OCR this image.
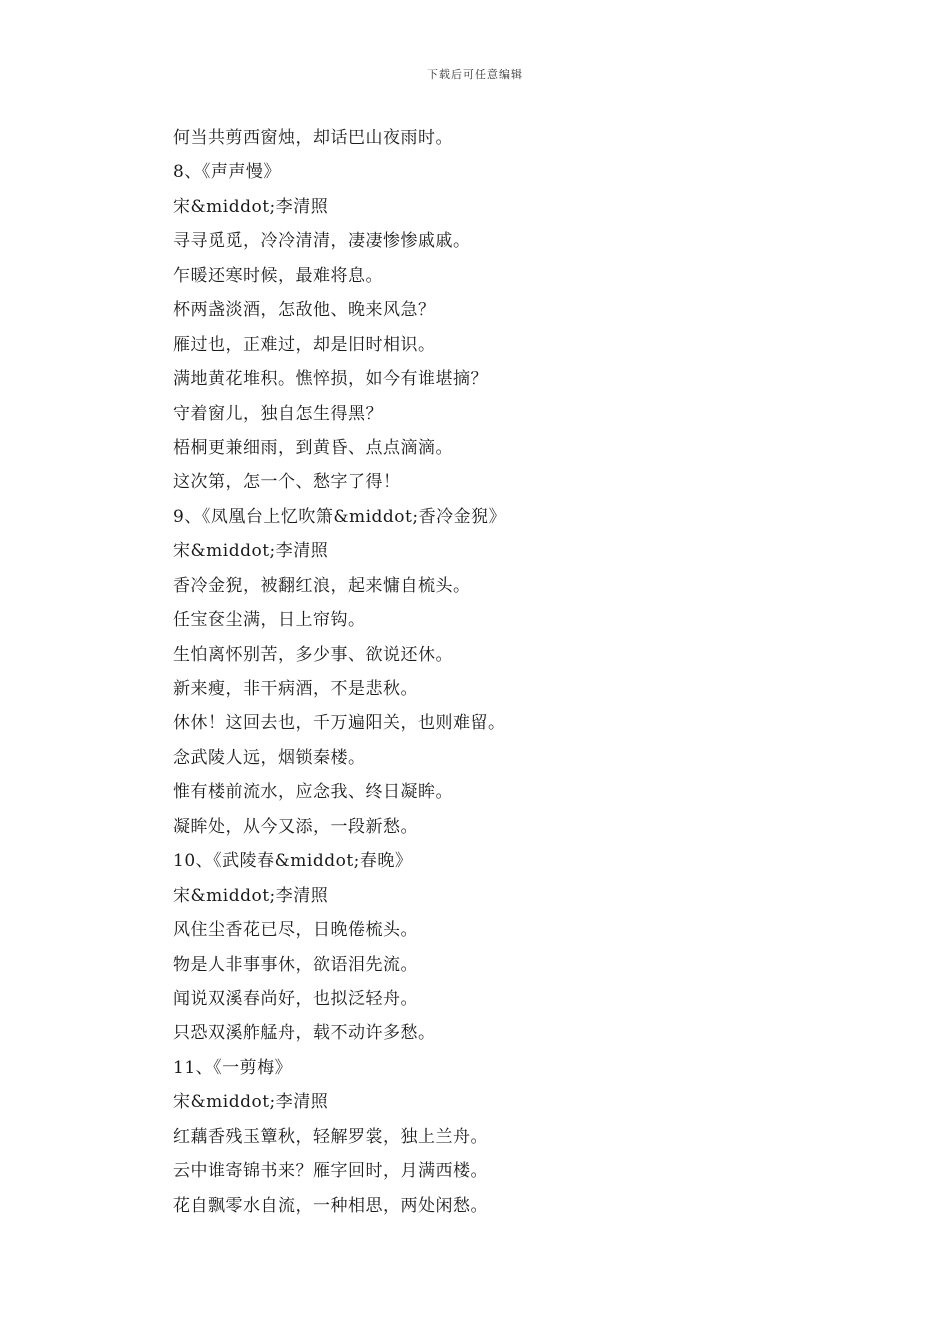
下载后可任意编辑
何当共剪西窗烛，却话巴山夜雨时。
8、《声声慢》
宋&middot;李清照
寻寻觅觅，冷冷清清，凄凄惨惨戚戚。
乍暖还寒时候，最难将息。
杯两盏淡酒，怎敌他、晚来风急？
雁过也，正难过，却是旧时相识。
满地黄花堆积。憔悴损，如今有谁堪摘？
守着窗儿，独自怎生得黑？
梧桐更兼细雨，到黄昏、点点滴滴。
这次第，怎一个、愁字了得！
9、《凤凰台上忆吹箫&middot;香冷金猊》
宋&middot;李清照
香冷金猊，被翻红浪，起来慵自梳头。
任宝奁尘满，日上帘钩。
生怕离怀别苦，多少事、欲说还休。
新来瘦，非干病酒，不是悲秋。
休休！这回去也，千万遍阳关，也则难留。
念武陵人远，烟锁秦楼。
惟有楼前流水，应念我、终日凝眸。
凝眸处，从今又添，一段新愁。
10、《武陵春&middot;春晚》
宋&middot;李清照
风住尘香花已尽，日晚倦梳头。
物是人非事事休，欲语泪先流。
闻说双溪春尚好，也拟泛轻舟。
只恐双溪舴艋舟，载不动许多愁。
11、《一剪梅》
宋&middot;李清照
红藕香残玉簟秋，轻解罗裳，独上兰舟。
云中谁寄锦书来？雁字回时，月满西楼。
花自飘零水自流，一种相思，两处闲愁。
